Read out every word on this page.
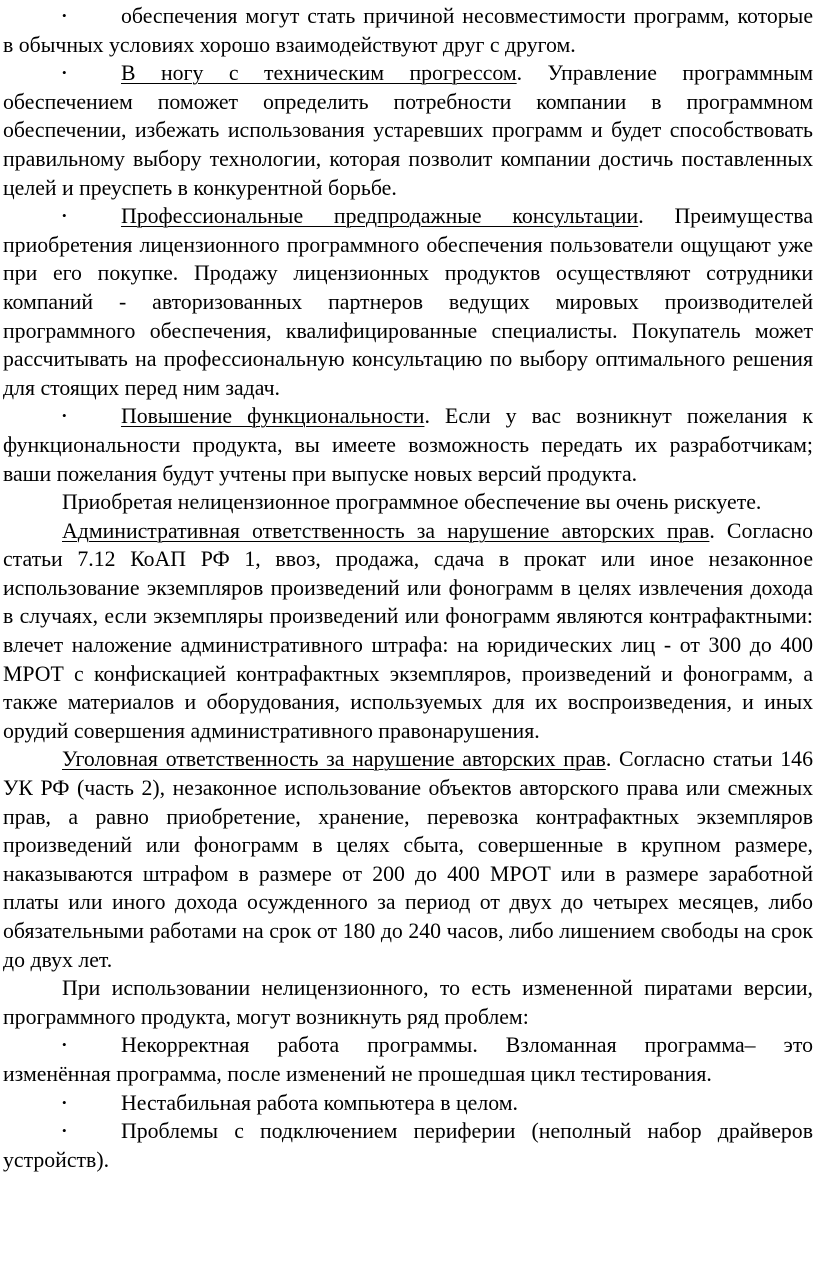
• обеспечения могут стать причиной несовместимости программ, которые в обычных условиях хорошо взаимодействуют друг с другом.

• В ногу с техническим прогрессом. Управление программным обеспечением поможет определить потребности компании в программном обеспечении, избежать использования устаревших программ и будет способствовать правильному выбору технологии, которая позволит компании достичь поставленных целей и преуспеть в конкурентной борьбе.

• Профессиональные предпродажные консультации. Преимущества приобретения лицензионного программного обеспечения пользователи ощущают уже при его покупке. Продажу лицензионных продуктов осуществляют сотрудники компаний - авторизованных партнеров ведущих мировых производителей программного обеспечения, квалифицированные специалисты. Покупатель может рассчитывать на профессиональную консультацию по выбору оптимального решения для стоящих перед ним задач.

• Повышение функциональности. Если у вас возникнут пожелания к функциональности продукта, вы имеете возможность передать их разработчикам; ваши пожелания будут учтены при выпуске новых версий продукта.

Приобретая нелицензионное программное обеспечение вы очень рискуете.

Административная ответственность за нарушение авторских прав. Согласно статьи 7.12 КоАП РФ 1, ввоз, продажа, сдача в прокат или иное незаконное использование экземпляров произведений или фонограмм в целях извлечения дохода в случаях, если экземпляры произведений или фонограмм являются контрафактными: влечет наложение административного штрафа: на юридических лиц - от 300 до 400 МРОТ с конфискацией контрафактных экземпляров, произведений и фонограмм, а также материалов и оборудования, используемых для их воспроизведения, и иных орудий совершения административного правонарушения.

Уголовная ответственность за нарушение авторских прав. Согласно статьи 146 УК РФ (часть 2), незаконное использование объектов авторского права или смежных прав, а равно приобретение, хранение, перевозка контрафактных экземпляров произведений или фонограмм в целях сбыта, совершенные в крупном размере, наказываются штрафом в размере от 200 до 400 МРОТ или в размере заработной платы или иного дохода осужденного за период от двух до четырех месяцев, либо обязательными работами на срок от 180 до 240 часов, либо лишением свободы на срок до двух лет.

При использовании нелицензионного, то есть измененной пиратами версии, программного продукта, могут возникнуть ряд проблем:

• Некорректная работа программы. Взломанная программа– это изменённая программа, после изменений не прошедшая цикл тестирования.

• Нестабильная работа компьютера в целом.

• Проблемы с подключением периферии (неполный набор драйверов устройств).
